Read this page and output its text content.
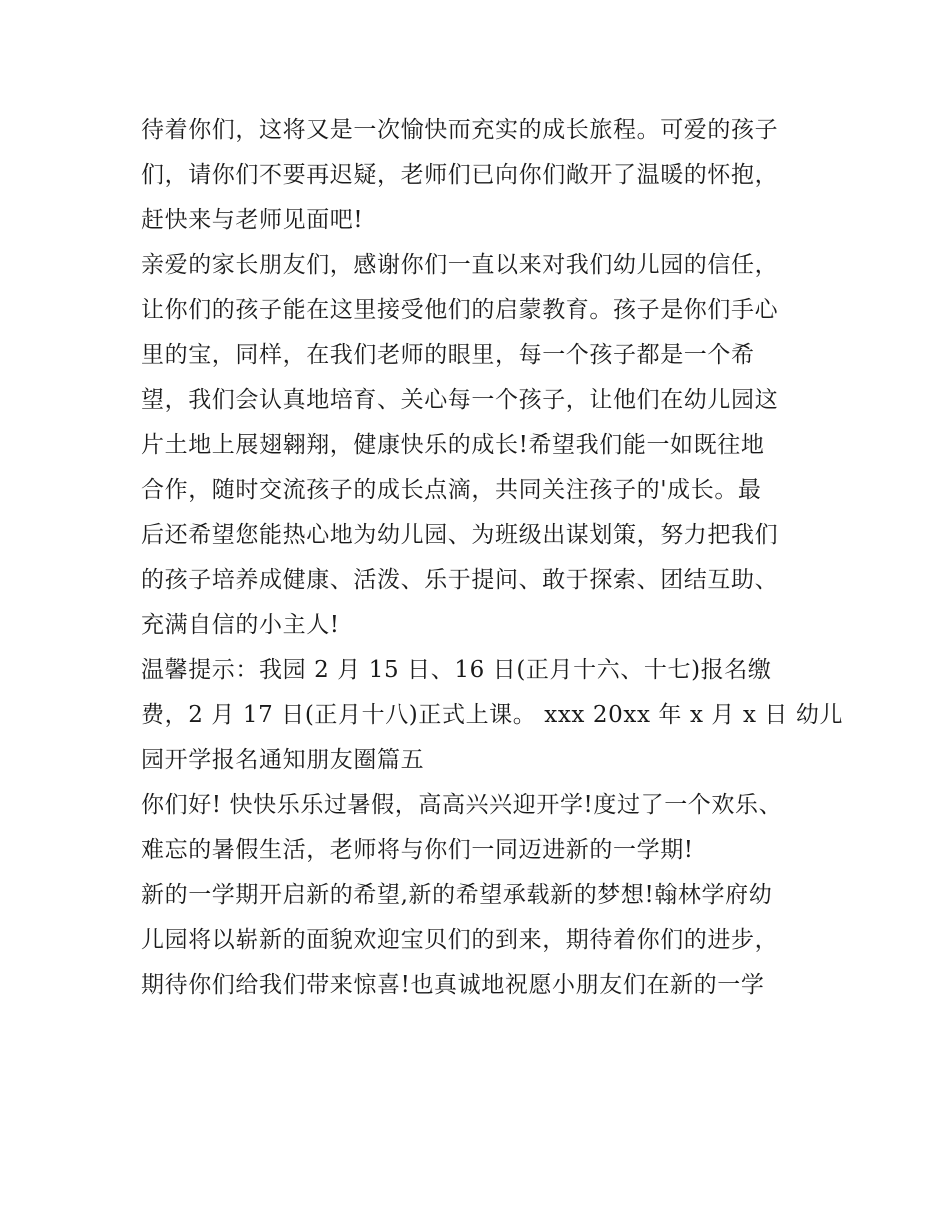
待着你们，这将又是一次愉快而充实的成长旅程。可爱的孩子
们，请你们不要再迟疑，老师们已向你们敞开了温暖的怀抱，
赶快来与老师见面吧!
亲爱的家长朋友们，感谢你们一直以来对我们幼儿园的信任，
让你们的孩子能在这里接受他们的启蒙教育。孩子是你们手心
里的宝，同样，在我们老师的眼里，每一个孩子都是一个希
望，我们会认真地培育、关心每一个孩子，让他们在幼儿园这
片土地上展翅翱翔，健康快乐的成长!希望我们能一如既往地
合作，随时交流孩子的成长点滴，共同关注孩子的'成长。最
后还希望您能热心地为幼儿园、为班级出谋划策，努力把我们
的孩子培养成健康、活泼、乐于提问、敢于探索、团结互助、
充满自信的小主人!
温馨提示：我园 2 月 15 日、16 日(正月十六、十七)报名缴
费，2 月 17 日(正月十八)正式上课。 xxx 20xx 年 x 月 x 日 幼儿
园开学报名通知朋友圈篇五
你们好! 快快乐乐过暑假，高高兴兴迎开学!度过了一个欢乐、
难忘的暑假生活，老师将与你们一同迈进新的一学期!
新的一学期开启新的希望,新的希望承载新的梦想!翰林学府幼
儿园将以崭新的面貌欢迎宝贝们的到来，期待着你们的进步，
期待你们给我们带来惊喜!也真诚地祝愿小朋友们在新的一学
